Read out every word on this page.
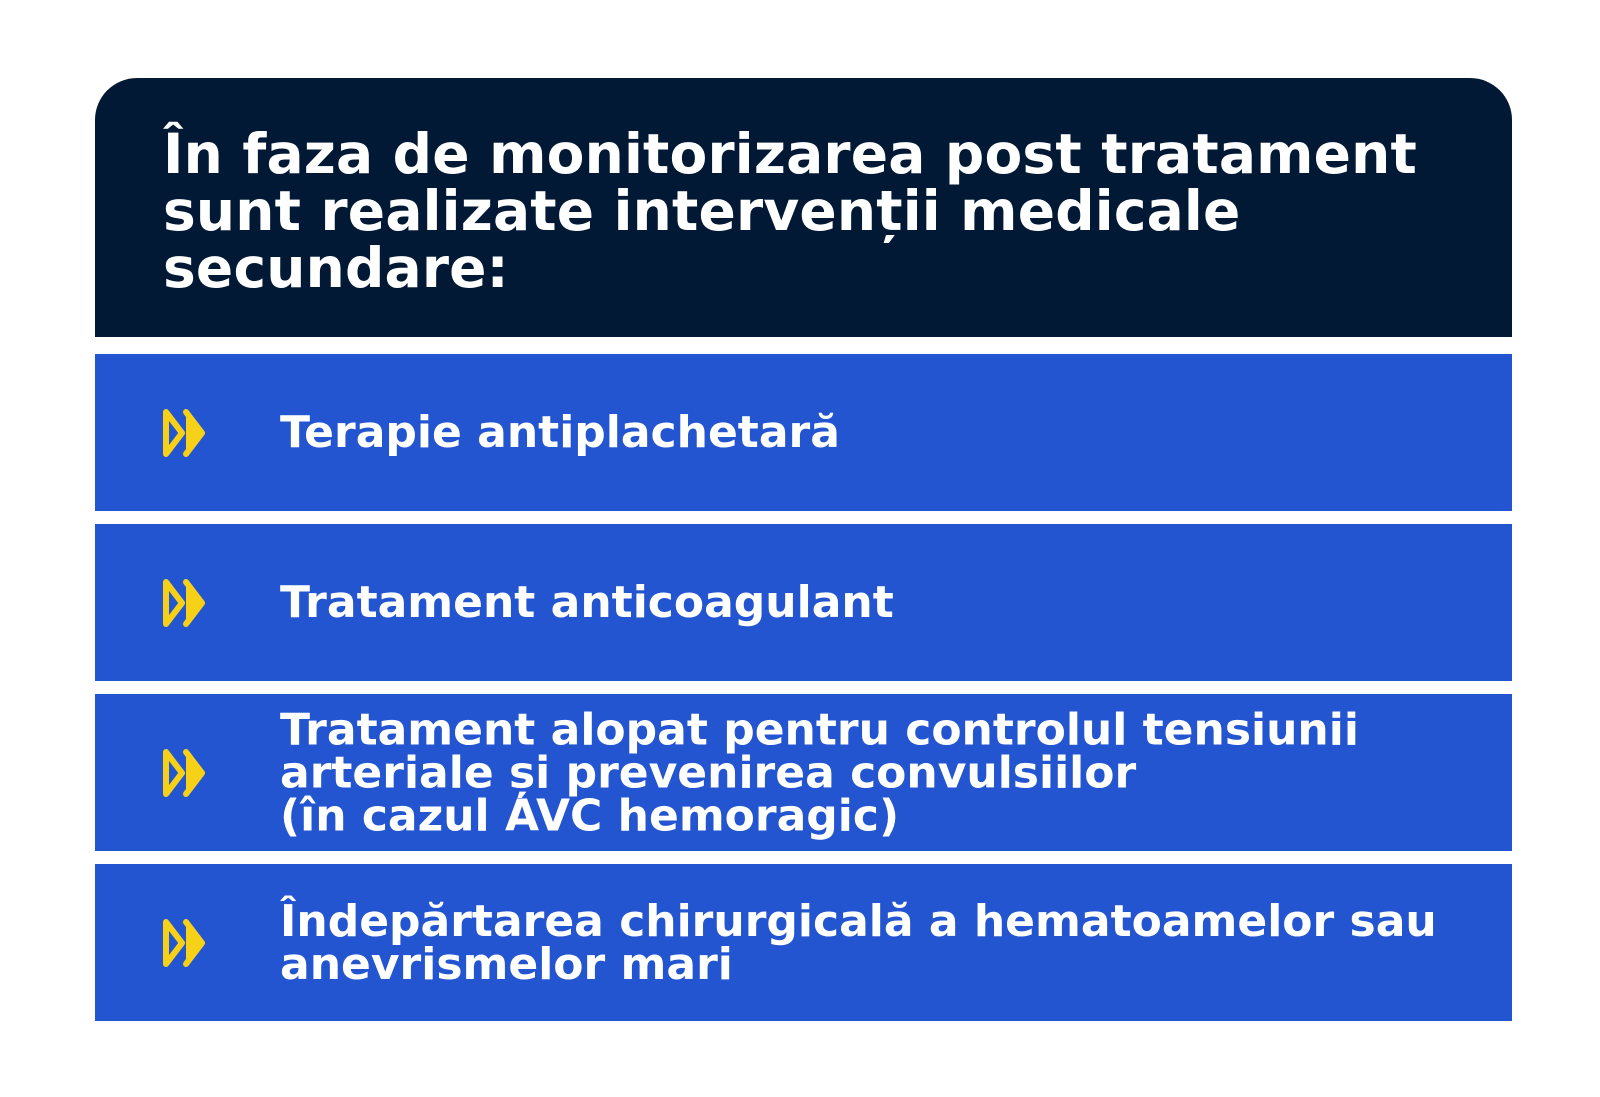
În faza de monitorizarea post tratament
sunt realizate intervenții medicale
secundare:
Terapie antiplachetară
Tratament anticoagulant
Tratament alopat pentru controlul tensiunii
arteriale și prevenirea convulsiilor
(în cazul AVC hemoragic)
Îndepărtarea chirurgicală a hematoamelor sau
anevrismelor mari
